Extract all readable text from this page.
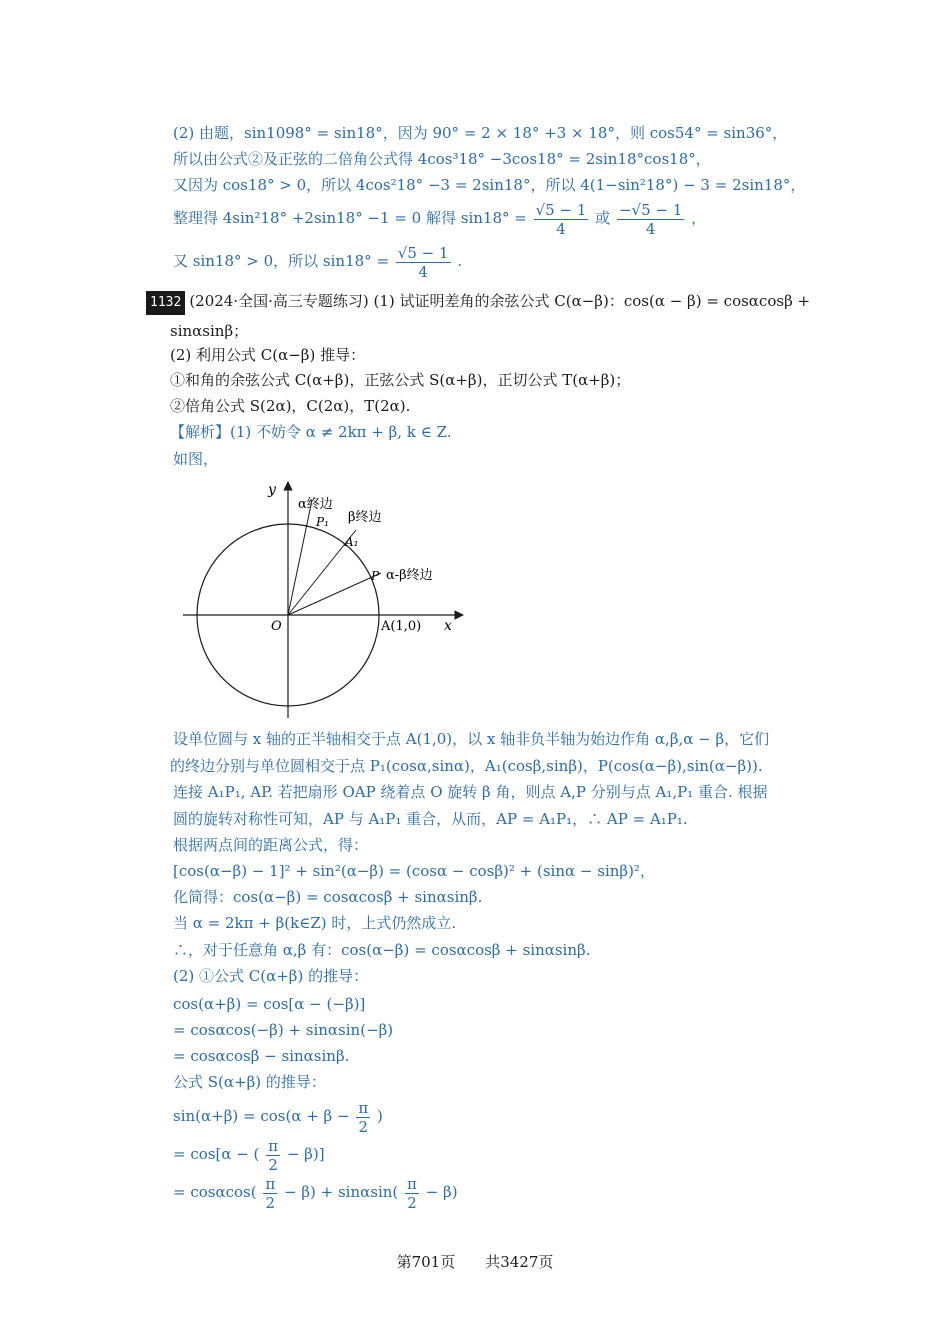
(2) 由题，sin1098° = sin18°，因为 90° = 2 × 18° +3 × 18°，则 cos54° = sin36°，
所以由公式②及正弦的二倍角公式得 4cos³18° −3cos18° = 2sin18°cos18°，
又因为 cos18° > 0，所以 4cos²18° −3 = 2sin18°，所以 4(1−sin²18°) − 3 = 2sin18°，
整理得 4sin²18° +2sin18° −1 = 0 解得 $\sin 18^\circ = \frac{√5 - 1}{4}$ 或 $\frac{-√5 - 1}{4}$ ，
又 sin18° > 0，所以 $\sin 18^\circ = \frac{√5 - 1}{4}$ .
1132 (2024·全国·高三专题练习) (1) 试证明差角的余弦公式 C(α−β)：cos(α − β) = cosαcosβ +
sinαsinβ；
(2) 利用公式 C(α−β) 推导：
①和角的余弦公式 C(α+β)，正弦公式 S(α+β)，正切公式 T(α+β)；
②倍角公式 S(2α)，C(2α)，T(2α).
【解析】(1) 不妨令 α ≠ 2kπ + β, k ∈ Z.
如图，
y
x
O	A(1,0)
α终边
β终边
α-β终边
P₁
A₁
P
设单位圆与 x 轴的正半轴相交于点 A(1,0)，以 x 轴非负半轴为始边作角 α,β,α − β，它们
的终边分别与单位圆相交于点 P₁(cosα,sinα)，A₁(cosβ,sinβ)，P(cos(α−β),sin(α−β)).
连接 A₁P₁, AP. 若把扇形 OAP 绕着点 O 旋转 β 角，则点 A,P 分别与点 A₁,P₁ 重合. 根据
圆的旋转对称性可知，AP 与 A₁P₁ 重合，从而，AP = A₁P₁，∴ AP = A₁P₁.
根据两点间的距离公式，得：
[cos(α−β) − 1]² + sin²(α−β) = (cosα − cosβ)² + (sinα − sinβ)²，
化简得：cos(α−β) = cosαcosβ + sinαsinβ.
当 α = 2kπ + β(k∈Z) 时，上式仍然成立.
∴，对于任意角 α,β 有：cos(α−β) = cosαcosβ + sinαsinβ.
(2) ①公式 C(α+β) 的推导：
cos(α+β) = cos[α − (−β)]
= cosαcos(−β) + sinαsin(−β)
= cosαcosβ − sinαsinβ.
公式 S(α+β) 的推导：
$\sin(\alpha+\beta) = \cos(\alpha + \beta - \frac{\pi}{2}$ )
= cos[α − ( $\frac{\pi}{2} - \beta$)]
= $\cos\alpha\cos( \frac{\pi}{2} - \beta) + \sin\alpha\sin( \frac{\pi}{2} - \beta)$
第701页　　共3427页
